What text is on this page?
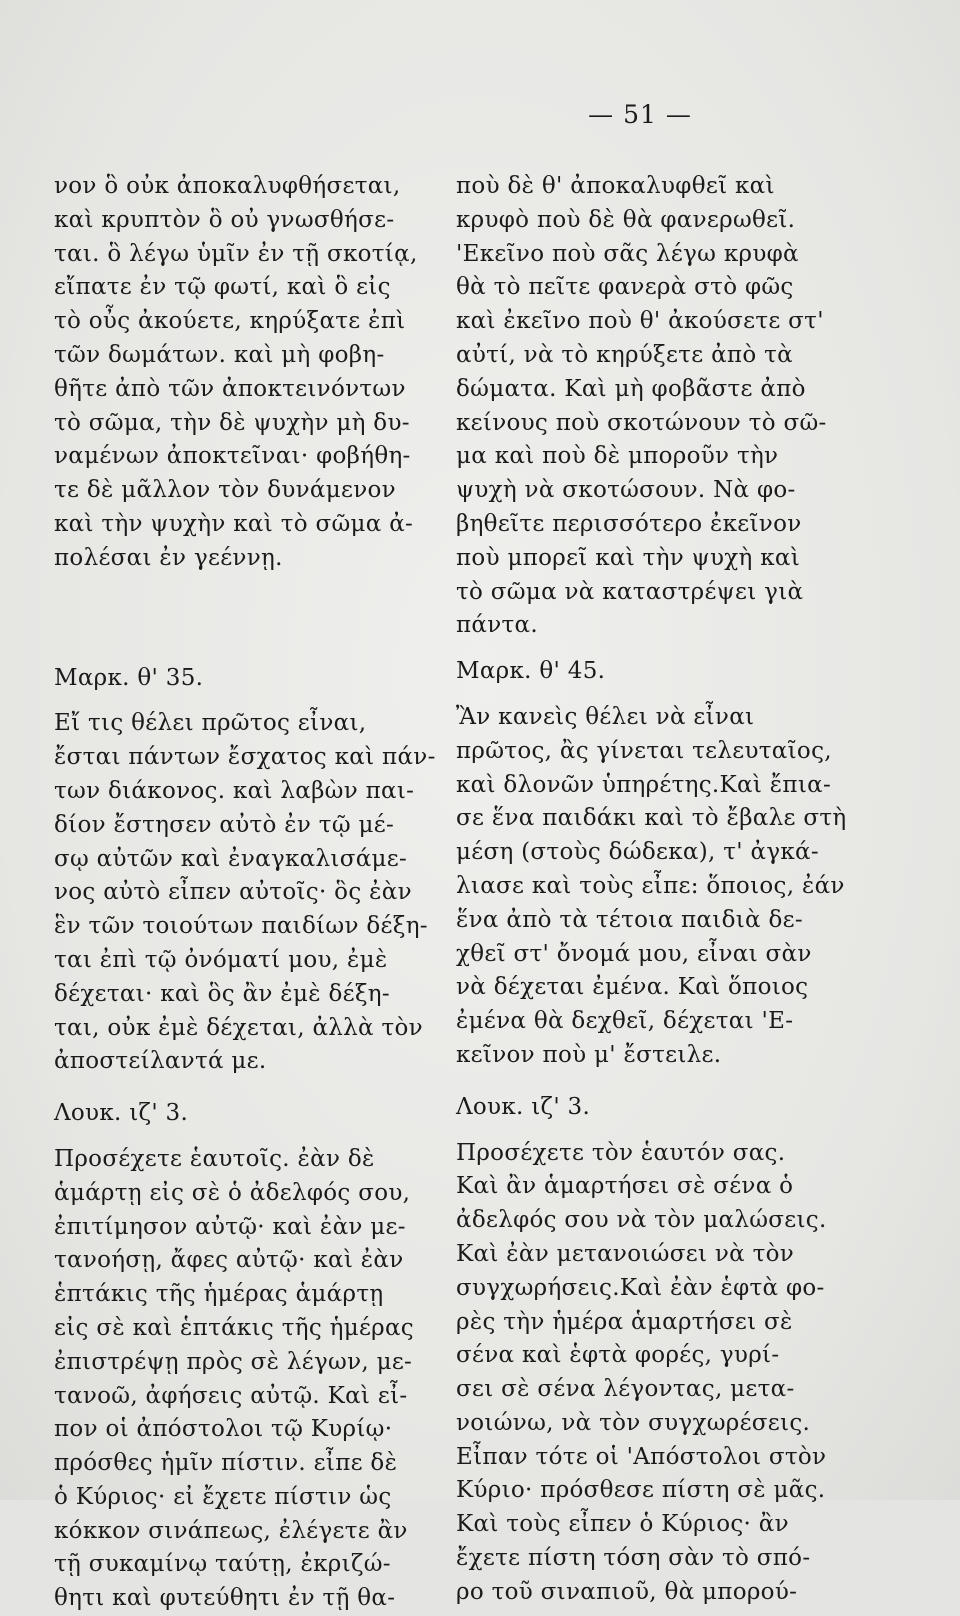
— 51 —
νον ὃ οὐκ ἀποκαλυφθήσεται,
καὶ κρυπτὸν ὃ οὐ γνωσθήσε-
ται. ὃ λέγω ὑμῖν ἐν τῇ σκοτίᾳ,
εἴπατε ἐν τῷ φωτί, καὶ ὃ εἰς
τὸ οὖς ἀκούετε, κηρύξατε ἐπὶ
τῶν δωμάτων. καὶ μὴ φοβη-
θῆτε ἀπὸ τῶν ἀποκτεινόντων
τὸ σῶμα, τὴν δὲ ψυχὴν μὴ δυ-
ναμένων ἀποκτεῖναι· φοβήθη-
τε δὲ μᾶλλον τὸν δυνάμενον
καὶ τὴν ψυχὴν καὶ τὸ σῶμα ἀ-
πολέσαι ἐν γεέννῃ.
Μαρκ. θ' 35.
Εἴ τις θέλει πρῶτος εἶναι,
ἔσται πάντων ἔσχατος καὶ πάν-
των διάκονος. καὶ λαβὼν παι-
δίον ἔστησεν αὐτὸ ἐν τῷ μέ-
σῳ αὐτῶν καὶ ἐναγκαλισάμε-
νος αὐτὸ εἶπεν αὐτοῖς· ὃς ἐὰν
ἓν τῶν τοιούτων παιδίων δέξη-
ται ἐπὶ τῷ ὀνόματί μου, ἐμὲ
δέχεται· καὶ ὃς ἂν ἐμὲ δέξη-
ται, οὐκ ἐμὲ δέχεται, ἀλλὰ τὸν
ἀποστείλαντά με.
Λουκ. ιζ' 3.
Προσέχετε ἑαυτοῖς. ἐὰν δὲ
ἁμάρτῃ εἰς σὲ ὁ ἀδελφός σου,
ἐπιτίμησον αὐτῷ· καὶ ἐὰν με-
τανοήσῃ, ἄφες αὐτῷ· καὶ ἐὰν
ἑπτάκις τῆς ἡμέρας ἁμάρτῃ
εἰς σὲ καὶ ἑπτάκις τῆς ἡμέρας
ἐπιστρέψῃ πρὸς σὲ λέγων, με-
τανοῶ, ἀφήσεις αὐτῷ. Καὶ εἶ-
πον οἱ ἀπόστολοι τῷ Κυρίῳ·
πρόσθες ἡμῖν πίστιν. εἶπε δὲ
ὁ Κύριος· εἰ ἔχετε πίστιν ὡς
κόκκον σινάπεως, ἐλέγετε ἂν
τῇ συκαμίνῳ ταύτῃ, ἐκριζώ-
θητι καὶ φυτεύθητι ἐν τῇ θα-
ποὺ δὲ θ' ἀποκαλυφθεῖ καὶ
κρυφὸ ποὺ δὲ θὰ φανερωθεῖ.
'Εκεῖνο ποὺ σᾶς λέγω κρυφὰ
θὰ τὸ πεῖτε φανερὰ στὸ φῶς
καὶ ἐκεῖνο ποὺ θ' ἀκούσετε στ'
αὐτί, νὰ τὸ κηρύξετε ἀπὸ τὰ
δώματα. Καὶ μὴ φοβᾶστε ἀπὸ
κείνους ποὺ σκοτώνουν τὸ σῶ-
μα καὶ ποὺ δὲ μποροῦν τὴν
ψυχὴ νὰ σκοτώσουν. Νὰ φο-
βηθεῖτε περισσότερο ἐκεῖνον
ποὺ μπορεῖ καὶ τὴν ψυχὴ καὶ
τὸ σῶμα νὰ καταστρέψει γιὰ
πάντα.
Μαρκ. θ' 45.
Ἂν κανεὶς θέλει νὰ εἶναι
πρῶτος, ἂς γίνεται τελευταῖος,
καὶ δλονῶν ὑπηρέτης.Καὶ ἔπια-
σε ἕνα παιδάκι καὶ τὸ ἔβαλε στὴ
μέση (στοὺς δώδεκα), τ' ἀγκά-
λιασε καὶ τοὺς εἶπε: ὅποιος, ἐάν
ἕνα ἀπὸ τὰ τέτοια παιδιὰ δε-
χθεῖ στ' ὄνομά μου, εἶναι σὰν
νὰ δέχεται ἐμένα. Καὶ ὅποιος
ἐμένα θὰ δεχθεῖ, δέχεται 'Ε-
κεῖνον ποὺ μ' ἔστειλε.
Λουκ. ιζ' 3.
Προσέχετε τὸν ἑαυτόν σας.
Καὶ ἂν ἁμαρτήσει σὲ σένα ὁ
ἀδελφός σου νὰ τὸν μαλώσεις.
Καὶ ἐὰν μετανοιώσει νὰ τὸν
συγχωρήσεις.Καὶ ἐὰν ἑφτὰ φο-
ρὲς τὴν ἡμέρα ἁμαρτήσει σὲ
σένα καὶ ἑφτὰ φορές, γυρί-
σει σὲ σένα λέγοντας, μετα-
νοιώνω, νὰ τὸν συγχωρέσεις.
Εἶπαν τότε οἱ 'Απόστολοι στὸν
Κύριο· πρόσθεσε πίστη σὲ μᾶς.
Καὶ τοὺς εἶπεν ὁ Κύριος· ἂν
ἔχετε πίστη τόση σὰν τὸ σπό-
ρο τοῦ σιναπιοῦ, θὰ μπορού-
